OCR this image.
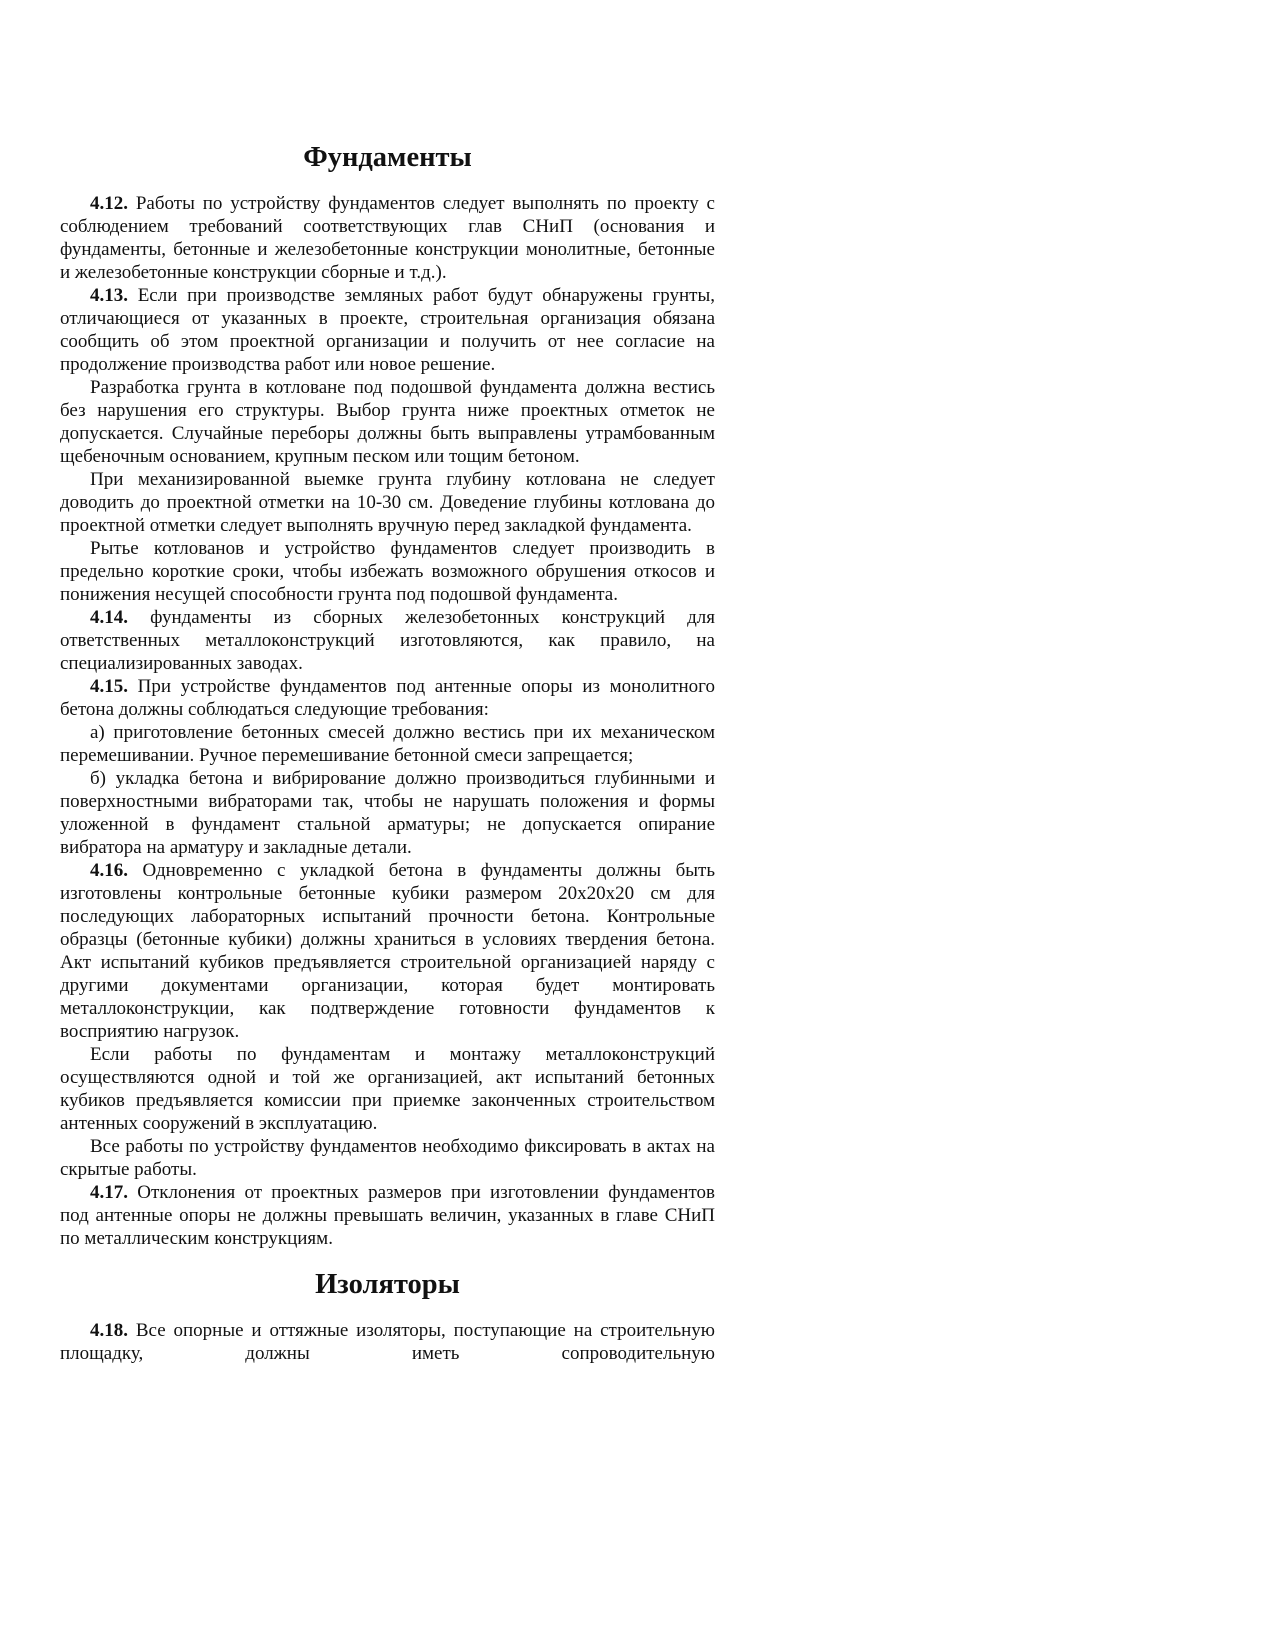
Фундаменты

4.12. Работы по устройству фундаментов следует выполнять по проекту с соблюдением требований соответствующих глав СНиП (основания и фундаменты, бетонные и железобетонные конструкции монолитные, бетонные и железобетонные конструкции сборные и т.д.).

4.13. Если при производстве земляных работ будут обнаружены грунты, отличающиеся от указанных в проекте, строительная организация обязана сообщить об этом проектной организации и получить от нее согласие на продолжение производства работ или новое решение.

Разработка грунта в котловане под подошвой фундамента должна вестись без нарушения его структуры. Выбор грунта ниже проектных отметок не допускается. Случайные переборы должны быть выправлены утрамбованным щебеночным основанием, крупным песком или тощим бетоном.

При механизированной выемке грунта глубину котлована не следует доводить до проектной отметки на 10-30 см. Доведение глубины котлована до проектной отметки следует выполнять вручную перед закладкой фундамента.

Рытье котлованов и устройство фундаментов следует производить в предельно короткие сроки, чтобы избежать возможного обрушения откосов и понижения несущей способности грунта под подошвой фундамента.

4.14. фундаменты из сборных железобетонных конструкций для ответственных металлоконструкций изготовляются, как правило, на специализированных заводах.

4.15. При устройстве фундаментов под антенные опоры из монолитного бетона должны соблюдаться следующие требования:

а) приготовление бетонных смесей должно вестись при их механическом перемешивании. Ручное перемешивание бетонной смеси запрещается;

б) укладка бетона и вибрирование должно производиться глубинными и поверхностными вибраторами так, чтобы не нарушать положения и формы уложенной в фундамент стальной арматуры; не допускается опирание вибратора на арматуру и закладные детали.

4.16. Одновременно с укладкой бетона в фундаменты должны быть изготовлены контрольные бетонные кубики размером 20х20х20 см для последующих лабораторных испытаний прочности бетона. Контрольные образцы (бетонные кубики) должны храниться в условиях твердения бетона. Акт испытаний кубиков предъявляется строительной организацией наряду с другими документами организации, которая будет монтировать металлоконструкции, как подтверждение готовности фундаментов к восприятию нагрузок.

Если работы по фундаментам и монтажу металлоконструкций осуществляются одной и той же организацией, акт испытаний бетонных кубиков предъявляется комиссии при приемке законченных строительством антенных сооружений в эксплуатацию.

Все работы по устройству фундаментов необходимо фиксировать в актах на скрытые работы.

4.17. Отклонения от проектных размеров при изготовлении фундаментов под антенные опоры не должны превышать величин, указанных в главе СНиП по металлическим конструкциям.

Изоляторы

4.18. Все опорные и оттяжные изоляторы, поступающие на строительную площадку, должны иметь сопроводительную
